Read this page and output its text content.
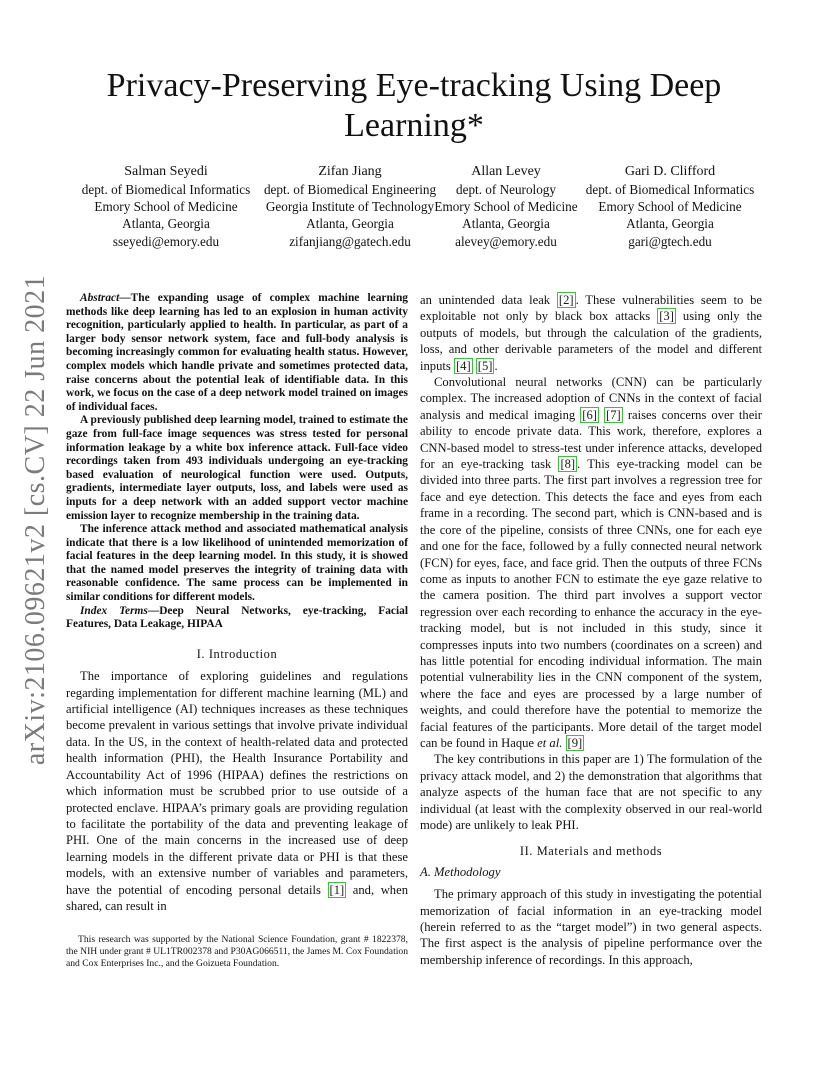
arXiv:2106.09621v2 [cs.CV] 22 Jun 2021
Privacy-Preserving Eye-tracking Using Deep Learning*
Salman Seyedi
dept. of Biomedical Informatics
Emory School of Medicine
Atlanta, Georgia
sseyedi@emory.edu
Zifan Jiang
dept. of Biomedical Engineering
Georgia Institute of Technology
Atlanta, Georgia
zifanjiang@gatech.edu
Allan Levey
dept. of Neurology
Emory School of Medicine
Atlanta, Georgia
alevey@emory.edu
Gari D. Clifford
dept. of Biomedical Informatics
Emory School of Medicine
Atlanta, Georgia
gari@gtech.edu

Abstract—The expanding usage of complex machine learning methods like deep learning has led to an explosion in human activity recognition, particularly applied to health. In particular, as part of a larger body sensor network system, face and full-body analysis is becoming increasingly common for evaluating health status. However, complex models which handle private and sometimes protected data, raise concerns about the potential leak of identifiable data. In this work, we focus on the case of a deep network model trained on images of individual faces.

A previously published deep learning model, trained to estimate the gaze from full-face image sequences was stress tested for personal information leakage by a white box inference attack. Full-face video recordings taken from 493 individuals undergoing an eye-tracking based evaluation of neurological function were used. Outputs, gradients, intermediate layer outputs, loss, and labels were used as inputs for a deep network with an added support vector machine emission layer to recognize membership in the training data.

The inference attack method and associated mathematical analysis indicate that there is a low likelihood of unintended memorization of facial features in the deep learning model. In this study, it is showed that the named model preserves the integrity of training data with reasonable confidence. The same process can be implemented in similar conditions for different models.

Index Terms—Deep Neural Networks, eye-tracking, Facial Features, Data Leakage, HIPAA

I. Introduction

The importance of exploring guidelines and regulations regarding implementation for different machine learning (ML) and artificial intelligence (AI) techniques increases as these techniques become prevalent in various settings that involve private individual data. In the US, in the context of health-related data and protected health information (PHI), the Health Insurance Portability and Accountability Act of 1996 (HIPAA) defines the restrictions on which information must be scrubbed prior to use outside of a protected enclave. HIPAA’s primary goals are providing regulation to facilitate the portability of the data and preventing leakage of PHI. One of the main concerns in the increased use of deep learning models in the different private data or PHI is that these models, with an extensive number of variables and parameters, have the potential of encoding personal details [1] and, when shared, can result in

This research was supported by the National Science Foundation, grant # 1822378, the NIH under grant # UL1TR002378 and P30AG066511, the James M. Cox Foundation and Cox Enterprises Inc., and the Goizueta Foundation.

an unintended data leak [2] . These vulnerabilities seem to be exploitable not only by black box attacks [3] using only the outputs of models, but through the calculation of the gradients, loss, and other derivable parameters of the model and different inputs [4] [5] .

Convolutional neural networks (CNN) can be particularly complex. The increased adoption of CNNs in the context of facial analysis and medical imaging [6] [7] raises concerns over their ability to encode private data. This work, therefore, explores a CNN-based model to stress-test under inference attacks, developed for an eye-tracking task [8] . This eye-tracking model can be divided into three parts. The first part involves a regression tree for face and eye detection. This detects the face and eyes from each frame in a recording. The second part, which is CNN-based and is the core of the pipeline, consists of three CNNs, one for each eye and one for the face, followed by a fully connected neural network (FCN) for eyes, face, and face grid. Then the outputs of three FCNs come as inputs to another FCN to estimate the eye gaze relative to the camera position. The third part involves a support vector regression over each recording to enhance the accuracy in the eye-tracking model, but is not included in this study, since it compresses inputs into two numbers (coordinates on a screen) and has little potential for encoding individual information. The main potential vulnerability lies in the CNN component of the system, where the face and eyes are processed by a large number of weights, and could therefore have the potential to memorize the facial features of the participants. More detail of the target model can be found in Haque et al. [9]

The key contributions in this paper are 1) The formulation of the privacy attack model, and 2) the demonstration that algorithms that analyze aspects of the human face that are not specific to any individual (at least with the complexity observed in our real-world mode) are unlikely to leak PHI.

II. Materials and methods

A. Methodology

The primary approach of this study in investigating the potential memorization of facial information in an eye-tracking model (herein referred to as the “target model”) in two general aspects. The first aspect is the analysis of pipeline performance over the membership inference of recordings. In this approach,
